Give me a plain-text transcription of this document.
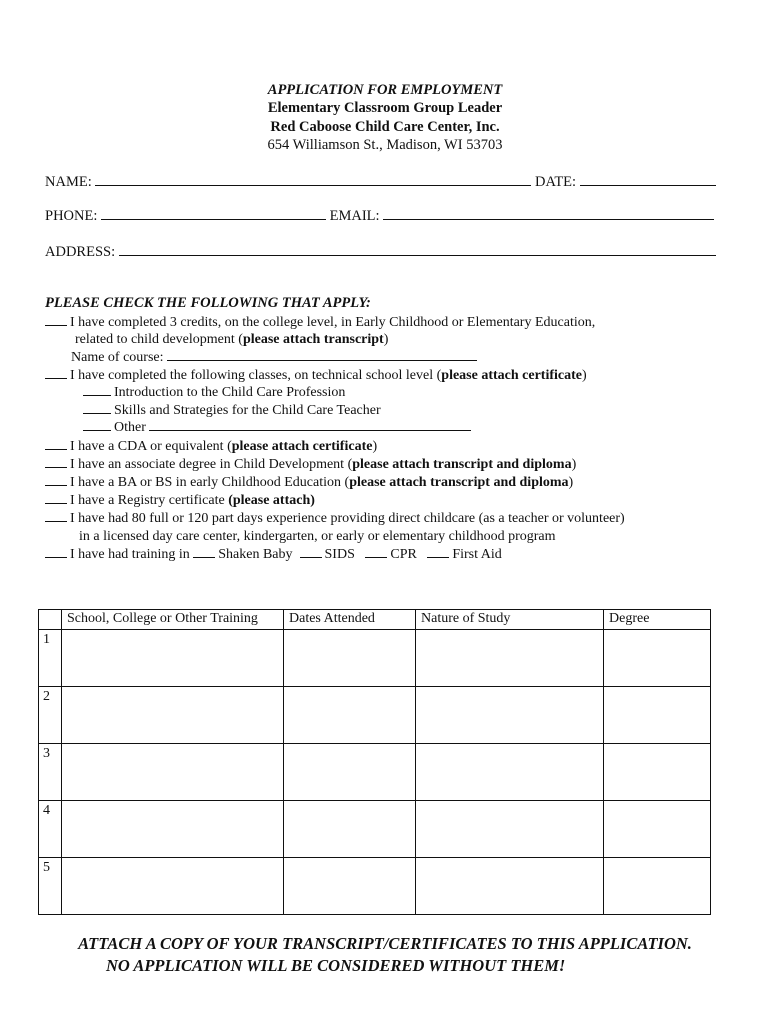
APPLICATION FOR EMPLOYMENT
Elementary Classroom Group Leader
Red Caboose Child Care Center, Inc.
654 Williamson St., Madison, WI 53703
NAME:	DATE:
PHONE:	EMAIL:
ADDRESS:
PLEASE CHECK THE FOLLOWING THAT APPLY:
I have completed 3 credits, on the college level, in Early Childhood or Elementary Education,
related to child development (please attach transcript)
Name of course:
I have completed the following classes, on technical school level (please attach certificate)
Introduction to the Child Care Profession
Skills and Strategies for the Child Care Teacher
Other
I have a CDA or equivalent (please attach certificate)
I have an associate degree in Child Development (please attach transcript and diploma)
I have a BA or BS in early Childhood Education (please attach transcript and diploma)
I have a Registry certificate (please attach)
I have had 80 full or 120 part days experience providing direct childcare (as a teacher or volunteer)
in a licensed day care center, kindergarten, or early or elementary childhood program
I have had training in Shaken Baby SIDS	CPR	First Aid
	School, College or Other Training	Dates Attended	Nature of Study	Degree
1				
2				
3				
4				
5				
ATTACH A COPY OF YOUR TRANSCRIPT/CERTIFICATES TO THIS APPLICATION.
NO APPLICATION WILL BE CONSIDERED WITHOUT THEM!
